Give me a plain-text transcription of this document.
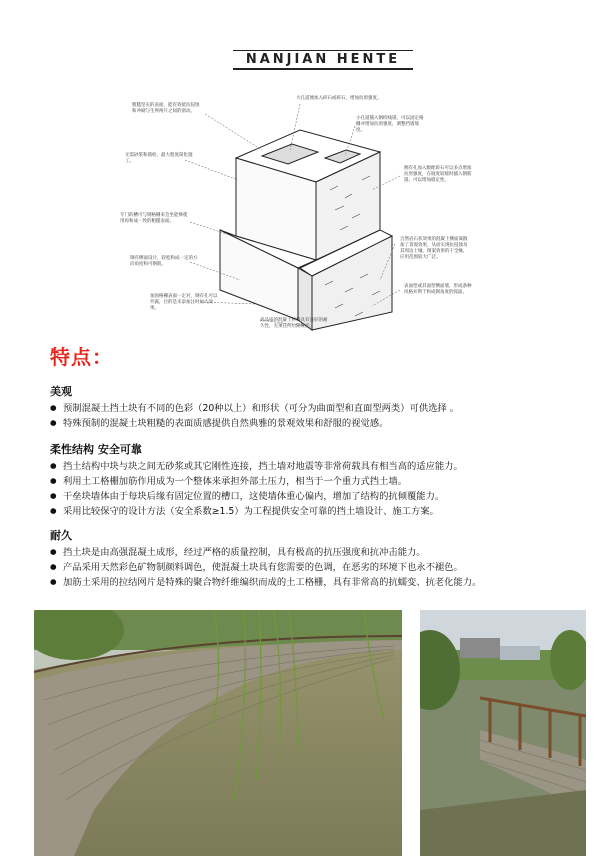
NANJIAN HENTE
粗糙坚实的表面，能有效抵抗侵蚀和冲刷与生界两片之间的滑动。
大孔道便加入碎石或碎石，增加抗剪强度。
小孔道插入钢绞线锚，可以固定格栅并增加抗剪强度，调整挡墙坡度。
无需砂浆和锚栓，最大程度简化施工。
拥有孔加入级配碎石可以多点增加抗剪强度，在坡度较缓时插入钢筋锚，可以增加稳定性。
专门的槽可与钢格栅来会坐能够使用再和成一致的粗糙表面。
自然岩石状效果的混凝土侧面离散加了景观效果，从而实现抗侵蚀及其周边土壤，图案效果的干全缘，应用范围较大广泛。
钢有侧面设计，较松和成一定的方向角度和可钢筋。
表面型或其面型侧面墙，形成条种风格并利于和成钢角度的弧面。
加固格栅表面一定对，钢有孔可以外露，目的是未添加注时加大效果。
高品质的混凝土材料具有良好的耐久性，无须任何后期维护。
特点：
美观
● 预制混凝土挡土块有不同的色彩（20种以上）和形状（可分为曲面型和直面型两类）可供选择 。
● 特殊预制的混凝土块粗糙的表面质感提供自然典雅的景观效果和舒服的视觉感。
柔性结构 安全可靠
● 挡土结构中块与块之间无砂浆或其它刚性连接，挡土墙对地震等非常荷载具有相当高的适应能力。
● 利用土工格栅加筋作用成为一个整体来承担外部土压力，相当于一个重力式挡土墙。
● 干垒块墙体由于每块后缘有固定位置的槽口，这使墙体重心偏内，增加了结构的抗倾覆能力。
● 采用比较保守的设计方法（安全系数≥1.5）为工程提供安全可靠的挡土墙设计、施工方案。
耐久
● 挡土块是由高强混凝土成形，经过严格的质量控制，具有极高的抗压强度和抗冲击能力。
● 产品采用天然彩色矿物制颜料调色，使混凝土块具有您需要的色调，在恶劣的环境下也永不褪色。
● 加筋土采用的拉结网片是特殊的聚合物纤维编织而成的土工格栅，具有非常高的抗蠕变、抗老化能力。
